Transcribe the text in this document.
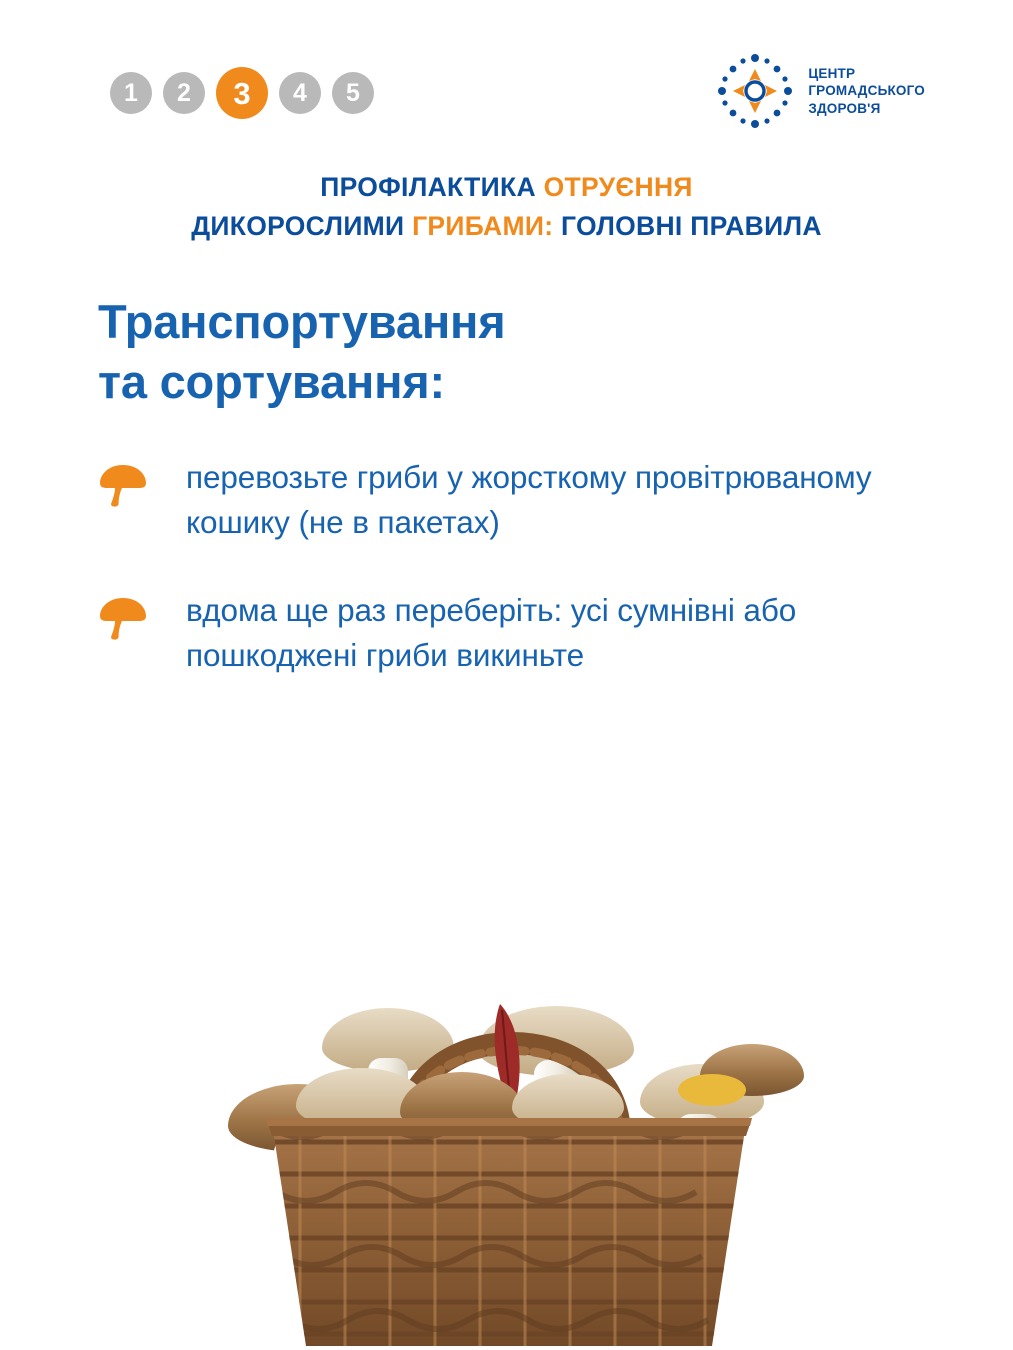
1 2 3 4 5
ЦЕНТР
ГРОМАДСЬКОГО
ЗДОРОВ'Я
ПРОФІЛАКТИКА ОТРУЄННЯ
ДИКОРОСЛИМИ ГРИБАМИ: ГОЛОВНІ ПРАВИЛА
Транспортування
та сортування:
перевозьте гриби у жорсткому провітрюваному кошику (не в пакетах)
вдома ще раз переберіть: усі сумнівні або пошкоджені гриби викиньте
